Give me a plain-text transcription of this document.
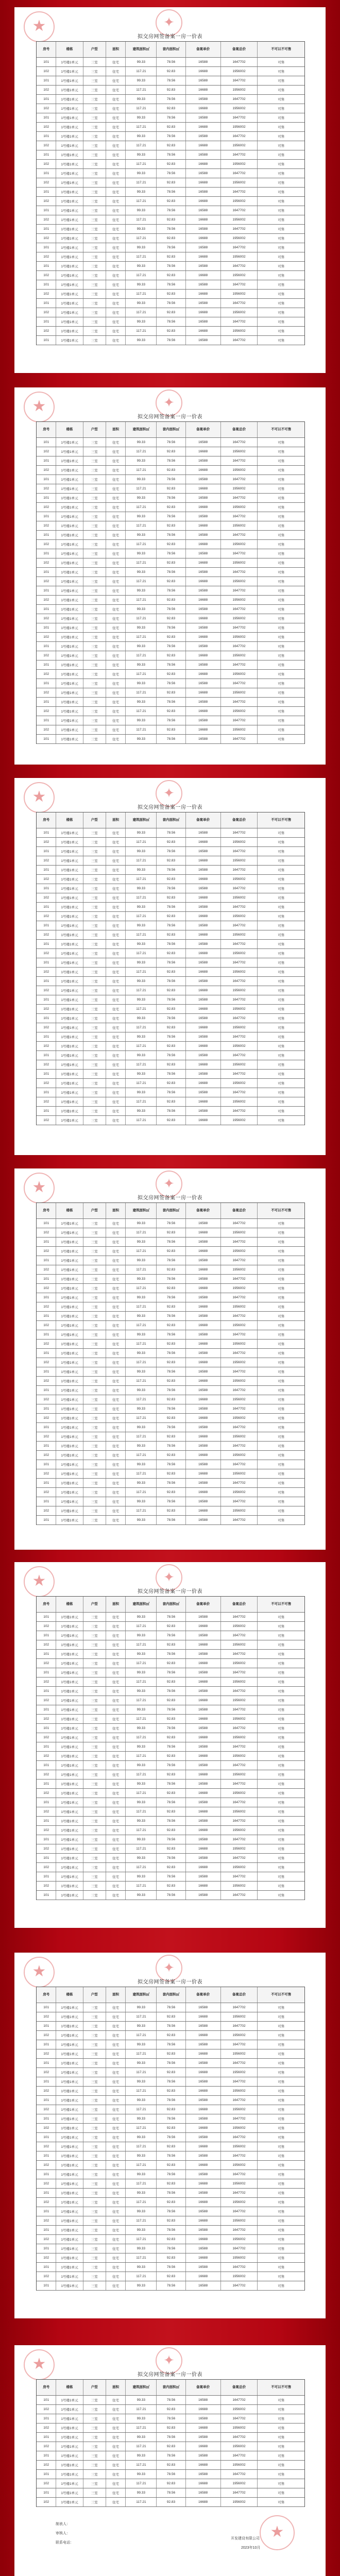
★	✦
拟交房网签备案一房一价表
房号	楼栋	户型	面积	建筑面积㎡	套内面积㎡	备案单价	备案总价	不可以不可售
101	1号楼1单元	三室	住宅	99.33	78.56	16588	1647702	可售
102	1号楼1单元	三室	住宅	117.21	92.83	16688	1956002	可售
101	1号楼1单元	三室	住宅	99.33	78.56	16588	1647702	可售
102	1号楼1单元	三室	住宅	117.21	92.83	16688	1956002	可售
101	1号楼1单元	三室	住宅	99.33	78.56	16588	1647702	可售
102	1号楼1单元	三室	住宅	117.21	92.83	16688	1956002	可售
101	1号楼1单元	三室	住宅	99.33	78.56	16588	1647702	可售
102	1号楼1单元	三室	住宅	117.21	92.83	16688	1956002	可售
101	1号楼1单元	三室	住宅	99.33	78.56	16588	1647702	可售
102	1号楼1单元	三室	住宅	117.21	92.83	16688	1956002	可售
101	1号楼1单元	三室	住宅	99.33	78.56	16588	1647702	可售
102	1号楼1单元	三室	住宅	117.21	92.83	16688	1956002	可售
101	1号楼1单元	三室	住宅	99.33	78.56	16588	1647702	可售
102	1号楼1单元	三室	住宅	117.21	92.83	16688	1956002	可售
101	1号楼1单元	三室	住宅	99.33	78.56	16588	1647702	可售
102	1号楼1单元	三室	住宅	117.21	92.83	16688	1956002	可售
101	1号楼1单元	三室	住宅	99.33	78.56	16588	1647702	可售
102	1号楼1单元	三室	住宅	117.21	92.83	16688	1956002	可售
101	1号楼1单元	三室	住宅	99.33	78.56	16588	1647702	可售
102	1号楼1单元	三室	住宅	117.21	92.83	16688	1956002	可售
101	1号楼1单元	三室	住宅	99.33	78.56	16588	1647702	可售
102	1号楼1单元	三室	住宅	117.21	92.83	16688	1956002	可售
101	1号楼1单元	三室	住宅	99.33	78.56	16588	1647702	可售
102	1号楼1单元	三室	住宅	117.21	92.83	16688	1956002	可售
101	1号楼1单元	三室	住宅	99.33	78.56	16588	1647702	可售
102	1号楼1单元	三室	住宅	117.21	92.83	16688	1956002	可售
101	1号楼1单元	三室	住宅	99.33	78.56	16588	1647702	可售
102	1号楼1单元	三室	住宅	117.21	92.83	16688	1956002	可售
101	1号楼1单元	三室	住宅	99.33	78.56	16588	1647702	可售
102	1号楼1单元	三室	住宅	117.21	92.83	16688	1956002	可售
101	1号楼1单元	三室	住宅	99.33	78.56	16588	1647702	可售
★	✦
拟交房网签备案一房一价表
房号	楼栋	户型	面积	建筑面积㎡	套内面积㎡	备案单价	备案总价	不可以不可售
101	1号楼1单元	三室	住宅	99.33	78.56	16588	1647702	可售
102	1号楼1单元	三室	住宅	117.21	92.83	16688	1956002	可售
101	1号楼1单元	三室	住宅	99.33	78.56	16588	1647702	可售
102	1号楼1单元	三室	住宅	117.21	92.83	16688	1956002	可售
101	1号楼1单元	三室	住宅	99.33	78.56	16588	1647702	可售
102	1号楼1单元	三室	住宅	117.21	92.83	16688	1956002	可售
101	1号楼1单元	三室	住宅	99.33	78.56	16588	1647702	可售
102	1号楼1单元	三室	住宅	117.21	92.83	16688	1956002	可售
101	1号楼1单元	三室	住宅	99.33	78.56	16588	1647702	可售
102	1号楼1单元	三室	住宅	117.21	92.83	16688	1956002	可售
101	1号楼1单元	三室	住宅	99.33	78.56	16588	1647702	可售
102	1号楼1单元	三室	住宅	117.21	92.83	16688	1956002	可售
101	1号楼1单元	三室	住宅	99.33	78.56	16588	1647702	可售
102	1号楼1单元	三室	住宅	117.21	92.83	16688	1956002	可售
101	1号楼1单元	三室	住宅	99.33	78.56	16588	1647702	可售
102	1号楼1单元	三室	住宅	117.21	92.83	16688	1956002	可售
101	1号楼1单元	三室	住宅	99.33	78.56	16588	1647702	可售
102	1号楼1单元	三室	住宅	117.21	92.83	16688	1956002	可售
101	1号楼1单元	三室	住宅	99.33	78.56	16588	1647702	可售
102	1号楼1单元	三室	住宅	117.21	92.83	16688	1956002	可售
101	1号楼1单元	三室	住宅	99.33	78.56	16588	1647702	可售
102	1号楼1单元	三室	住宅	117.21	92.83	16688	1956002	可售
101	1号楼1单元	三室	住宅	99.33	78.56	16588	1647702	可售
102	1号楼1单元	三室	住宅	117.21	92.83	16688	1956002	可售
101	1号楼1单元	三室	住宅	99.33	78.56	16588	1647702	可售
102	1号楼1单元	三室	住宅	117.21	92.83	16688	1956002	可售
101	1号楼1单元	三室	住宅	99.33	78.56	16588	1647702	可售
102	1号楼1单元	三室	住宅	117.21	92.83	16688	1956002	可售
101	1号楼1单元	三室	住宅	99.33	78.56	16588	1647702	可售
102	1号楼1单元	三室	住宅	117.21	92.83	16688	1956002	可售
101	1号楼1单元	三室	住宅	99.33	78.56	16588	1647702	可售
102	1号楼1单元	三室	住宅	117.21	92.83	16688	1956002	可售
101	1号楼1单元	三室	住宅	99.33	78.56	16588	1647702	可售
★	✦
拟交房网签备案一房一价表
房号	楼栋	户型	面积	建筑面积㎡	套内面积㎡	备案单价	备案总价	不可以不可售
101	1号楼1单元	三室	住宅	99.33	78.56	16588	1647702	可售
102	1号楼1单元	三室	住宅	117.21	92.83	16688	1956002	可售
101	1号楼1单元	三室	住宅	99.33	78.56	16588	1647702	可售
102	1号楼1单元	三室	住宅	117.21	92.83	16688	1956002	可售
101	1号楼1单元	三室	住宅	99.33	78.56	16588	1647702	可售
102	1号楼1单元	三室	住宅	117.21	92.83	16688	1956002	可售
101	1号楼1单元	三室	住宅	99.33	78.56	16588	1647702	可售
102	1号楼1单元	三室	住宅	117.21	92.83	16688	1956002	可售
101	1号楼1单元	三室	住宅	99.33	78.56	16588	1647702	可售
102	1号楼1单元	三室	住宅	117.21	92.83	16688	1956002	可售
101	1号楼1单元	三室	住宅	99.33	78.56	16588	1647702	可售
102	1号楼1单元	三室	住宅	117.21	92.83	16688	1956002	可售
101	1号楼1单元	三室	住宅	99.33	78.56	16588	1647702	可售
102	1号楼1单元	三室	住宅	117.21	92.83	16688	1956002	可售
101	1号楼1单元	三室	住宅	99.33	78.56	16588	1647702	可售
102	1号楼1单元	三室	住宅	117.21	92.83	16688	1956002	可售
101	1号楼1单元	三室	住宅	99.33	78.56	16588	1647702	可售
102	1号楼1单元	三室	住宅	117.21	92.83	16688	1956002	可售
101	1号楼1单元	三室	住宅	99.33	78.56	16588	1647702	可售
102	1号楼1单元	三室	住宅	117.21	92.83	16688	1956002	可售
101	1号楼1单元	三室	住宅	99.33	78.56	16588	1647702	可售
102	1号楼1单元	三室	住宅	117.21	92.83	16688	1956002	可售
101	1号楼1单元	三室	住宅	99.33	78.56	16588	1647702	可售
102	1号楼1单元	三室	住宅	117.21	92.83	16688	1956002	可售
101	1号楼1单元	三室	住宅	99.33	78.56	16588	1647702	可售
102	1号楼1单元	三室	住宅	117.21	92.83	16688	1956002	可售
101	1号楼1单元	三室	住宅	99.33	78.56	16588	1647702	可售
102	1号楼1单元	三室	住宅	117.21	92.83	16688	1956002	可售
101	1号楼1单元	三室	住宅	99.33	78.56	16588	1647702	可售
102	1号楼1单元	三室	住宅	117.21	92.83	16688	1956002	可售
101	1号楼1单元	三室	住宅	99.33	78.56	16588	1647702	可售
102	1号楼1单元	三室	住宅	117.21	92.83	16688	1956002	可售
★	✦
拟交房网签备案一房一价表
房号	楼栋	户型	面积	建筑面积㎡	套内面积㎡	备案单价	备案总价	不可以不可售
101	1号楼1单元	三室	住宅	99.33	78.56	16588	1647702	可售
102	1号楼1单元	三室	住宅	117.21	92.83	16688	1956002	可售
101	1号楼1单元	三室	住宅	99.33	78.56	16588	1647702	可售
102	1号楼1单元	三室	住宅	117.21	92.83	16688	1956002	可售
101	1号楼1单元	三室	住宅	99.33	78.56	16588	1647702	可售
102	1号楼1单元	三室	住宅	117.21	92.83	16688	1956002	可售
101	1号楼1单元	三室	住宅	99.33	78.56	16588	1647702	可售
102	1号楼1单元	三室	住宅	117.21	92.83	16688	1956002	可售
101	1号楼1单元	三室	住宅	99.33	78.56	16588	1647702	可售
102	1号楼1单元	三室	住宅	117.21	92.83	16688	1956002	可售
101	1号楼1单元	三室	住宅	99.33	78.56	16588	1647702	可售
102	1号楼1单元	三室	住宅	117.21	92.83	16688	1956002	可售
101	1号楼1单元	三室	住宅	99.33	78.56	16588	1647702	可售
102	1号楼1单元	三室	住宅	117.21	92.83	16688	1956002	可售
101	1号楼1单元	三室	住宅	99.33	78.56	16588	1647702	可售
102	1号楼1单元	三室	住宅	117.21	92.83	16688	1956002	可售
101	1号楼1单元	三室	住宅	99.33	78.56	16588	1647702	可售
102	1号楼1单元	三室	住宅	117.21	92.83	16688	1956002	可售
101	1号楼1单元	三室	住宅	99.33	78.56	16588	1647702	可售
102	1号楼1单元	三室	住宅	117.21	92.83	16688	1956002	可售
101	1号楼1单元	三室	住宅	99.33	78.56	16588	1647702	可售
102	1号楼1单元	三室	住宅	117.21	92.83	16688	1956002	可售
101	1号楼1单元	三室	住宅	99.33	78.56	16588	1647702	可售
102	1号楼1单元	三室	住宅	117.21	92.83	16688	1956002	可售
101	1号楼1单元	三室	住宅	99.33	78.56	16588	1647702	可售
102	1号楼1单元	三室	住宅	117.21	92.83	16688	1956002	可售
101	1号楼1单元	三室	住宅	99.33	78.56	16588	1647702	可售
102	1号楼1单元	三室	住宅	117.21	92.83	16688	1956002	可售
101	1号楼1单元	三室	住宅	99.33	78.56	16588	1647702	可售
102	1号楼1单元	三室	住宅	117.21	92.83	16688	1956002	可售
101	1号楼1单元	三室	住宅	99.33	78.56	16588	1647702	可售
102	1号楼1单元	三室	住宅	117.21	92.83	16688	1956002	可售
101	1号楼1单元	三室	住宅	99.33	78.56	16588	1647702	可售
★	✦
拟交房网签备案一房一价表
房号	楼栋	户型	面积	建筑面积㎡	套内面积㎡	备案单价	备案总价	不可以不可售
101	1号楼1单元	三室	住宅	99.33	78.56	16588	1647702	可售
102	1号楼1单元	三室	住宅	117.21	92.83	16688	1956002	可售
101	1号楼1单元	三室	住宅	99.33	78.56	16588	1647702	可售
102	1号楼1单元	三室	住宅	117.21	92.83	16688	1956002	可售
101	1号楼1单元	三室	住宅	99.33	78.56	16588	1647702	可售
102	1号楼1单元	三室	住宅	117.21	92.83	16688	1956002	可售
101	1号楼1单元	三室	住宅	99.33	78.56	16588	1647702	可售
102	1号楼1单元	三室	住宅	117.21	92.83	16688	1956002	可售
101	1号楼1单元	三室	住宅	99.33	78.56	16588	1647702	可售
102	1号楼1单元	三室	住宅	117.21	92.83	16688	1956002	可售
101	1号楼1单元	三室	住宅	99.33	78.56	16588	1647702	可售
102	1号楼1单元	三室	住宅	117.21	92.83	16688	1956002	可售
101	1号楼1单元	三室	住宅	99.33	78.56	16588	1647702	可售
102	1号楼1单元	三室	住宅	117.21	92.83	16688	1956002	可售
101	1号楼1单元	三室	住宅	99.33	78.56	16588	1647702	可售
102	1号楼1单元	三室	住宅	117.21	92.83	16688	1956002	可售
101	1号楼1单元	三室	住宅	99.33	78.56	16588	1647702	可售
102	1号楼1单元	三室	住宅	117.21	92.83	16688	1956002	可售
101	1号楼1单元	三室	住宅	99.33	78.56	16588	1647702	可售
102	1号楼1单元	三室	住宅	117.21	92.83	16688	1956002	可售
101	1号楼1单元	三室	住宅	99.33	78.56	16588	1647702	可售
102	1号楼1单元	三室	住宅	117.21	92.83	16688	1956002	可售
101	1号楼1单元	三室	住宅	99.33	78.56	16588	1647702	可售
102	1号楼1单元	三室	住宅	117.21	92.83	16688	1956002	可售
101	1号楼1单元	三室	住宅	99.33	78.56	16588	1647702	可售
102	1号楼1单元	三室	住宅	117.21	92.83	16688	1956002	可售
101	1号楼1单元	三室	住宅	99.33	78.56	16588	1647702	可售
102	1号楼1单元	三室	住宅	117.21	92.83	16688	1956002	可售
101	1号楼1单元	三室	住宅	99.33	78.56	16588	1647702	可售
102	1号楼1单元	三室	住宅	117.21	92.83	16688	1956002	可售
101	1号楼1单元	三室	住宅	99.33	78.56	16588	1647702	可售
★	✦
拟交房网签备案一房一价表
房号	楼栋	户型	面积	建筑面积㎡	套内面积㎡	备案单价	备案总价	不可以不可售
101	1号楼1单元	三室	住宅	99.33	78.56	16588	1647702	可售
102	1号楼1单元	三室	住宅	117.21	92.83	16688	1956002	可售
101	1号楼1单元	三室	住宅	99.33	78.56	16588	1647702	可售
102	1号楼1单元	三室	住宅	117.21	92.83	16688	1956002	可售
101	1号楼1单元	三室	住宅	99.33	78.56	16588	1647702	可售
102	1号楼1单元	三室	住宅	117.21	92.83	16688	1956002	可售
101	1号楼1单元	三室	住宅	99.33	78.56	16588	1647702	可售
102	1号楼1单元	三室	住宅	117.21	92.83	16688	1956002	可售
101	1号楼1单元	三室	住宅	99.33	78.56	16588	1647702	可售
102	1号楼1单元	三室	住宅	117.21	92.83	16688	1956002	可售
101	1号楼1单元	三室	住宅	99.33	78.56	16588	1647702	可售
102	1号楼1单元	三室	住宅	117.21	92.83	16688	1956002	可售
101	1号楼1单元	三室	住宅	99.33	78.56	16588	1647702	可售
102	1号楼1单元	三室	住宅	117.21	92.83	16688	1956002	可售
101	1号楼1单元	三室	住宅	99.33	78.56	16588	1647702	可售
102	1号楼1单元	三室	住宅	117.21	92.83	16688	1956002	可售
101	1号楼1单元	三室	住宅	99.33	78.56	16588	1647702	可售
102	1号楼1单元	三室	住宅	117.21	92.83	16688	1956002	可售
101	1号楼1单元	三室	住宅	99.33	78.56	16588	1647702	可售
102	1号楼1单元	三室	住宅	117.21	92.83	16688	1956002	可售
101	1号楼1单元	三室	住宅	99.33	78.56	16588	1647702	可售
102	1号楼1单元	三室	住宅	117.21	92.83	16688	1956002	可售
101	1号楼1单元	三室	住宅	99.33	78.56	16588	1647702	可售
102	1号楼1单元	三室	住宅	117.21	92.83	16688	1956002	可售
101	1号楼1单元	三室	住宅	99.33	78.56	16588	1647702	可售
102	1号楼1单元	三室	住宅	117.21	92.83	16688	1956002	可售
101	1号楼1单元	三室	住宅	99.33	78.56	16588	1647702	可售
102	1号楼1单元	三室	住宅	117.21	92.83	16688	1956002	可售
101	1号楼1单元	三室	住宅	99.33	78.56	16588	1647702	可售
102	1号楼1单元	三室	住宅	117.21	92.83	16688	1956002	可售
101	1号楼1单元	三室	住宅	99.33	78.56	16588	1647702	可售
★	✦
拟交房网签备案一房一价表
房号	楼栋	户型	面积	建筑面积㎡	套内面积㎡	备案单价	备案总价	不可以不可售
101	1号楼1单元	三室	住宅	99.33	78.56	16588	1647702	可售
102	1号楼1单元	三室	住宅	117.21	92.83	16688	1956002	可售
101	1号楼1单元	三室	住宅	99.33	78.56	16588	1647702	可售
102	1号楼1单元	三室	住宅	117.21	92.83	16688	1956002	可售
101	1号楼1单元	三室	住宅	99.33	78.56	16588	1647702	可售
102	1号楼1单元	三室	住宅	117.21	92.83	16688	1956002	可售
101	1号楼1单元	三室	住宅	99.33	78.56	16588	1647702	可售
102	1号楼1单元	三室	住宅	117.21	92.83	16688	1956002	可售
101	1号楼1单元	三室	住宅	99.33	78.56	16588	1647702	可售
102	1号楼1单元	三室	住宅	117.21	92.83	16688	1956002	可售
101	1号楼1单元	三室	住宅	99.33	78.56	16588	1647702	可售
102	1号楼1单元	三室	住宅	117.21	92.83	16688	1956002	可售
制表人：
审核人：
联系电话：
开发建设有限公司
2023年10月
★
